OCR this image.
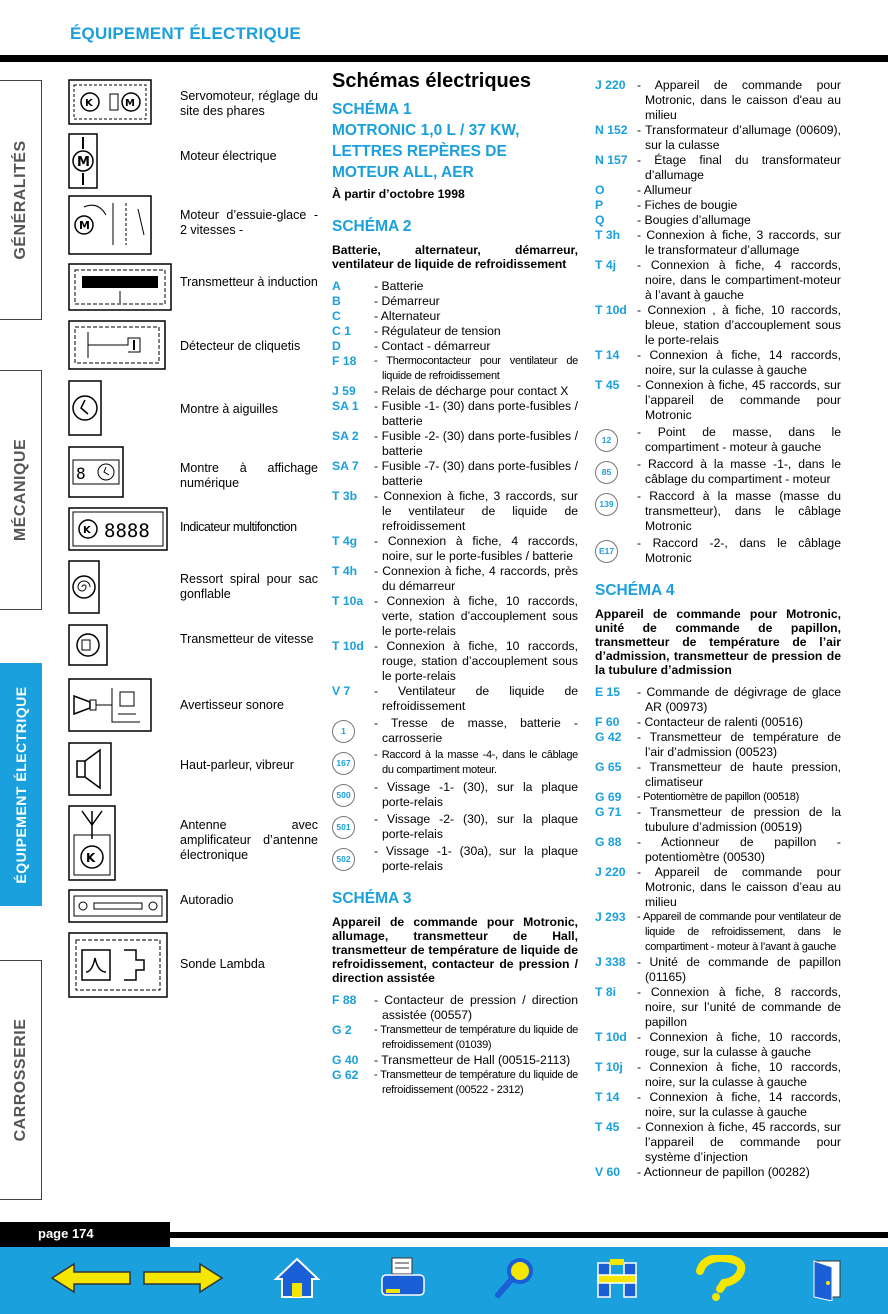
ÉQUIPEMENT ÉLECTRIQUE
GÉNÉRALITÉS
MÉCANIQUE
ÉQUIPEMENT ÉLECTRIQUE
CARROSSERIE
K	M
Servomoteur, réglage du site des phares
M	Moteur électrique
M
Moteur d’essuie-glace - 2 vitesses -
Transmetteur à induction
Détecteur de cliquetis
Montre à aiguilles
8	Montre à affichage numérique
K 8888 Indicateur multifonction
Ressort spiral pour sac gonflable
Transmetteur de vitesse
Avertisseur sonore
Haut-parleur, vibreur
K
Antenne avec amplificateur d’antenne électronique
Autoradio
Sonde Lambda
Schémas électriques
SCHÉMA 1
MOTRONIC 1,0 L / 37 KW, LETTRES REPÈRES DE MOTEUR ALL, AER
À partir d’octobre 1998
SCHÉMA 2
Batterie, alternateur, démarreur, ventilateur de liquide de refroidissement
A	- Batterie
B	- Démarreur
C	- Alternateur
C 1	- Régulateur de tension
D	- Contact - démarreur
F 18	- Thermocontacteur pour ventilateur de liquide de refroidissement
J 59	- Relais de décharge pour contact X
SA 1	- Fusible -1- (30) dans porte-fusibles / batterie
SA 2	- Fusible -2- (30) dans porte-fusibles / batterie
SA 7	- Fusible -7- (30) dans porte-fusibles / batterie
T 3b	- Connexion à fiche, 3 raccords, sur le ventilateur de liquide de refroidissement
T 4g	- Connexion à fiche, 4 raccords, noire, sur le porte-fusibles / batterie
T 4h	- Connexion à fiche, 4 raccords, près du démarreur
T 10a - Connexion à fiche, 10 raccords, verte, station d’accouplement sous le porte-relais
T 10d - Connexion à fiche, 10 raccords, rouge, station d’accouplement sous le porte-relais
V 7	- Ventilateur de liquide de refroidissement
1
- Tresse de masse, batterie - carrosserie
167
- Raccord à la masse -4-, dans le câblage du compartiment moteur.
500
- Vissage -1- (30), sur la plaque porte-relais
501
- Vissage -2- (30), sur la plaque porte-relais
502
- Vissage -1- (30a), sur la plaque porte-relais
SCHÉMA 3
Appareil de commande pour Motronic, allumage, transmetteur de Hall, transmetteur de température de liquide de refroidissement, contacteur de pression / direction assistée
F 88	- Contacteur de pression / direction assistée (00557)
G 2	- Transmetteur de température du liquide de refroidissement (01039)
G 40	- Transmetteur de Hall (00515-2113)
G 62	- Transmetteur de température du liquide de refroidissement (00522 - 2312)
J 220 - Appareil de commande pour Motronic, dans le caisson d'eau au milieu
N 152 - Transformateur d’allumage (00609), sur la culasse
N 157 - Étage final du transformateur d’allumage
O	- Allumeur
P	- Fiches de bougie
Q	- Bougies d’allumage
T 3h	- Connexion à fiche, 3 raccords, sur le transformateur d’allumage
T 4j	- Connexion à fiche, 4 raccords, noire, dans le compartiment-moteur à l’avant à gauche
T 10d - Connexion , à fiche, 10 raccords, bleue, station d’accouplement sous le porte-relais
T 14	- Connexion à fiche, 14 raccords, noire, sur la culasse à gauche
T 45	- Connexion à fiche, 45 raccords, sur l’appareil de commande pour Motronic
12
- Point de masse, dans le compartiment - moteur à gauche
85
- Raccord à la masse -1-, dans le câblage du compartiment - moteur
139
- Raccord à la masse (masse du transmetteur), dans le câblage Motronic
E17
- Raccord -2-, dans le câblage Motronic
SCHÉMA 4
Appareil de commande pour Motronic, unité de commande de papillon, transmetteur de température de l’air d’admission, transmetteur de pression de la tubulure d’admission
E 15	- Commande de dégivrage de glace AR (00973)
F 60	- Contacteur de ralenti (00516)
G 42	- Transmetteur de température de l’air d’admission (00523)
G 65	- Transmetteur de haute pression, climatiseur
G 69	- Potentiomètre de papillon (00518)
G 71	- Transmetteur de pression de la tubulure d’admission (00519)
G 88	- Actionneur de papillon - potentiomètre (00530)
J 220 - Appareil de commande pour Motronic, dans le caisson d’eau au milieu
J 293	- Appareil de commande pour ventilateur de liquide de refroidissement, dans le compartiment - moteur à l’avant à gauche
J 338 - Unité de commande de papillon (01165)
T 8i	- Connexion à fiche, 8 raccords, noire, sur l’unité de commande de papillon
T 10d - Connexion à fiche, 10 raccords, rouge, sur la culasse à gauche
T 10j	- Connexion à fiche, 10 raccords, noire, sur la culasse à gauche
T 14	- Connexion à fiche, 14 raccords, noire, sur la culasse à gauche
T 45	- Connexion à fiche, 45 raccords, sur l’appareil de commande pour système d’injection
V 60	- Actionneur de papillon (00282)
page 174
